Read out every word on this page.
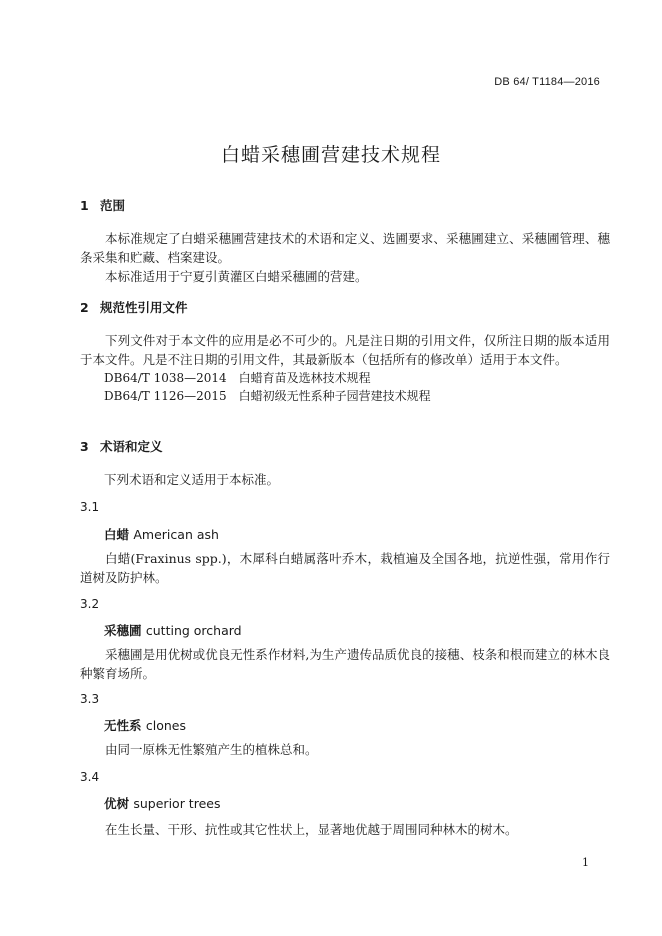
DB 64/ T1184—2016
白蜡采穗圃营建技术规程
1 范围

本标准规定了白蜡采穗圃营建技术的术语和定义、选圃要求、采穗圃建立、采穗圃管理、穗条采集和贮藏、档案建设。

本标准适用于宁夏引黄灌区白蜡采穗圃的营建。

2 规范性引用文件

下列文件对于本文件的应用是必不可少的。凡是注日期的引用文件，仅所注日期的版本适用于本文件。凡是不注日期的引用文件，其最新版本（包括所有的修改单）适用于本文件。

DB64/T 1038—2014 白蜡育苗及选林技术规程
DB64/T 1126—2015 白蜡初级无性系种子园营建技术规程
3 术语和定义
下列术语和定义适用于本标准。
3.1
白蜡 American ash

白蜡(Fraxinus spp.)，木犀科白蜡属落叶乔木，栽植遍及全国各地，抗逆性强，常用作行道树及防护林。

3.2
采穗圃 cutting orchard

采穗圃是用优树或优良无性系作材料,为生产遗传品质优良的接穗、枝条和根而建立的林木良种繁育场所。

3.3
无性系 clones

由同一原株无性繁殖产生的植株总和。

3.4
优树 superior trees

在生长量、干形、抗性或其它性状上，显著地优越于周围同种林木的树木。

1
